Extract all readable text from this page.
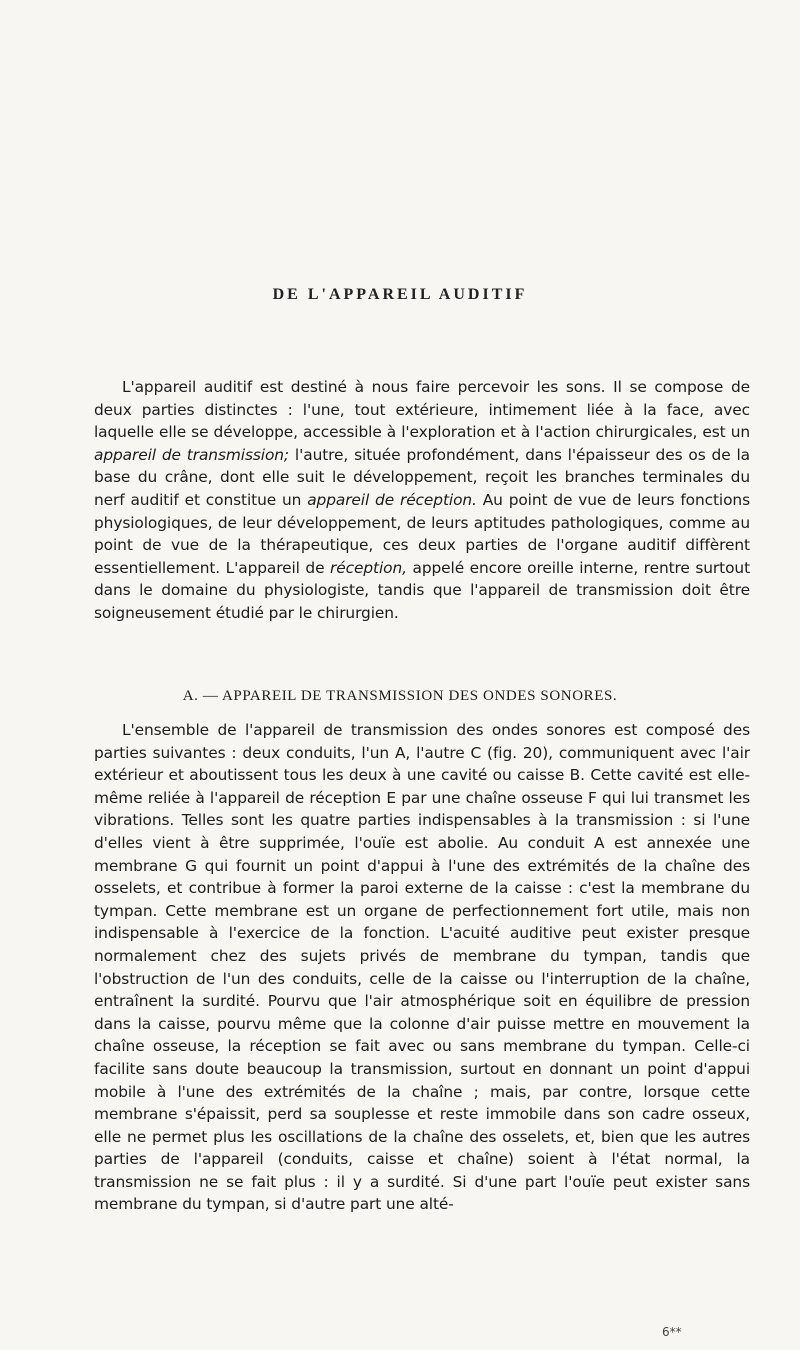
DE L'APPAREIL AUDITIF

L'appareil auditif est destiné à nous faire percevoir les sons. Il se compose de deux parties distinctes : l'une, tout extérieure, intimement liée à la face, avec laquelle elle se développe, accessible à l'exploration et à l'action chirurgicales, est un appareil de transmission; l'autre, située profondément, dans l'épaisseur des os de la base du crâne, dont elle suit le développement, reçoit les branches terminales du nerf auditif et constitue un appareil de réception. Au point de vue de leurs fonctions physiologiques, de leur développement, de leurs aptitudes pathologiques, comme au point de vue de la thérapeutique, ces deux parties de l'organe auditif diffèrent essentiellement. L'appareil de réception, appelé encore oreille interne, rentre surtout dans le domaine du physiologiste, tandis que l'appareil de transmission doit être soigneusement étudié par le chirurgien.

A. — APPAREIL DE TRANSMISSION DES ONDES SONORES.

L'ensemble de l'appareil de transmission des ondes sonores est composé des parties suivantes : deux conduits, l'un A, l'autre C (fig. 20), communiquent avec l'air extérieur et aboutissent tous les deux à une cavité ou caisse B. Cette cavité est elle-même reliée à l'appareil de réception E par une chaîne osseuse F qui lui transmet les vibrations. Telles sont les quatre parties indispensables à la transmission : si l'une d'elles vient à être supprimée, l'ouïe est abolie. Au conduit A est annexée une membrane G qui fournit un point d'appui à l'une des extrémités de la chaîne des osselets, et contribue à former la paroi externe de la caisse : c'est la membrane du tympan. Cette membrane est un organe de perfectionnement fort utile, mais non indispensable à l'exercice de la fonction. L'acuité auditive peut exister presque normalement chez des sujets privés de membrane du tympan, tandis que l'obstruction de l'un des conduits, celle de la caisse ou l'interruption de la chaîne, entraînent la surdité. Pourvu que l'air atmosphérique soit en équilibre de pression dans la caisse, pourvu même que la colonne d'air puisse mettre en mouvement la chaîne osseuse, la réception se fait avec ou sans membrane du tympan. Celle-ci facilite sans doute beaucoup la transmission, surtout en donnant un point d'appui mobile à l'une des extrémités de la chaîne ; mais, par contre, lorsque cette membrane s'épaissit, perd sa souplesse et reste immobile dans son cadre osseux, elle ne permet plus les oscillations de la chaîne des osselets, et, bien que les autres parties de l'appareil (conduits, caisse et chaîne) soient à l'état normal, la transmission ne se fait plus : il y a surdité. Si d'une part l'ouïe peut exister sans membrane du tympan, si d'autre part une alté-

6**
